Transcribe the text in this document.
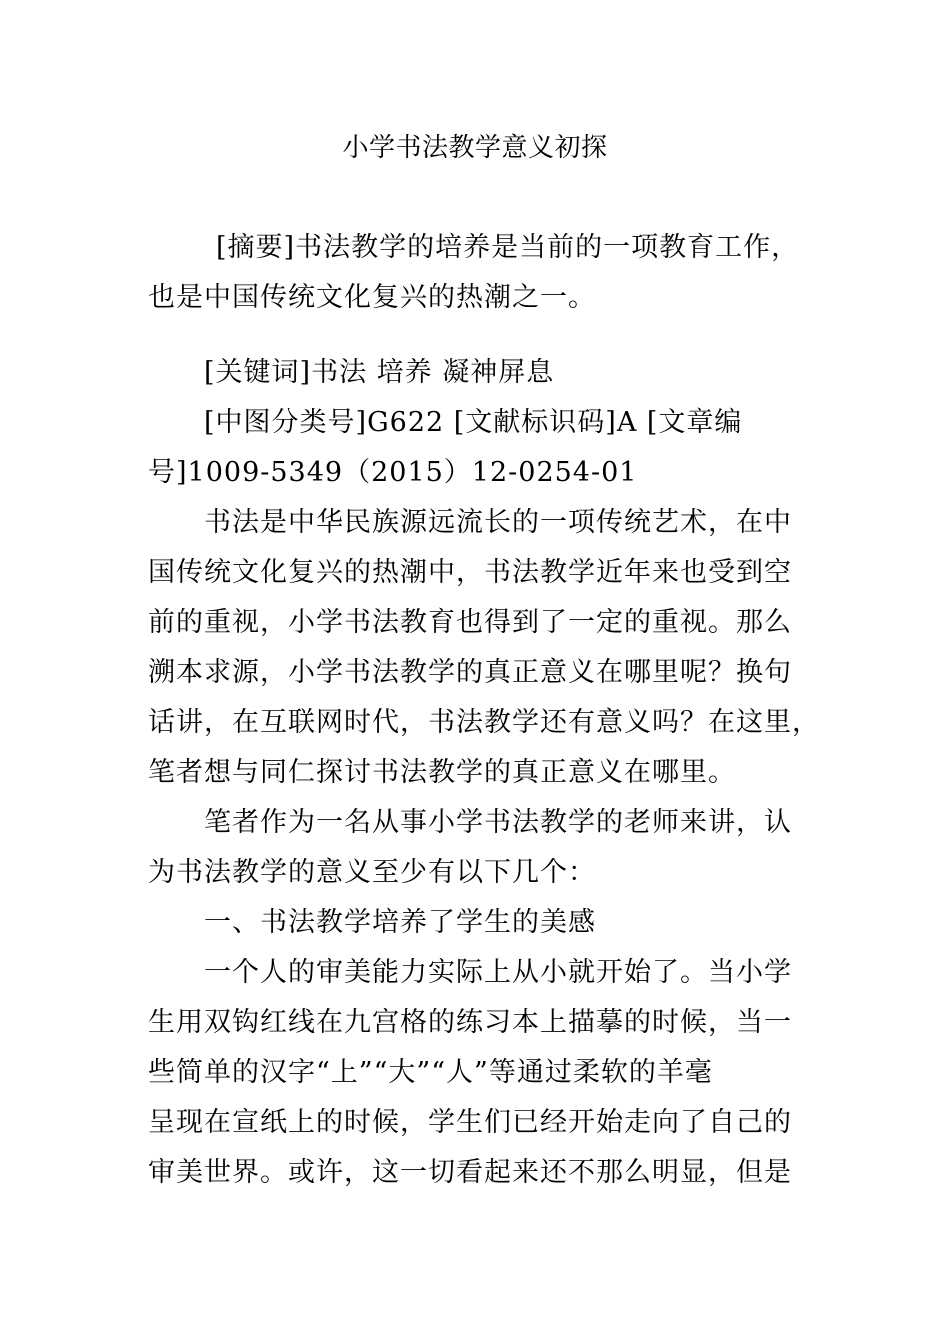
小学书法教学意义初探
[摘要]书法教学的培养是当前的一项教育工作，
也是中国传统文化复兴的热潮之一。
[关键词]书法 培养 凝神屏息
[中图分类号]G622 [文献标识码]A [文章编
号]1009-5349（2015）12-0254-01
书法是中华民族源远流长的一项传统艺术，在中
国传统文化复兴的热潮中，书法教学近年来也受到空
前的重视，小学书法教育也得到了一定的重视。那么
溯本求源，小学书法教学的真正意义在哪里呢？换句
话讲，在互联网时代，书法教学还有意义吗？在这里，
笔者想与同仁探讨书法教学的真正意义在哪里。
笔者作为一名从事小学书法教学的老师来讲，认
为书法教学的意义至少有以下几个：
一、书法教学培养了学生的美感
一个人的审美能力实际上从小就开始了。当小学
生用双钩红线在九宫格的练习本上描摹的时候，当一
些简单的汉字“上”“大”“人”等通过柔软的羊毫
呈现在宣纸上的时候，学生们已经开始走向了自己的
审美世界。或许，这一切看起来还不那么明显，但是
